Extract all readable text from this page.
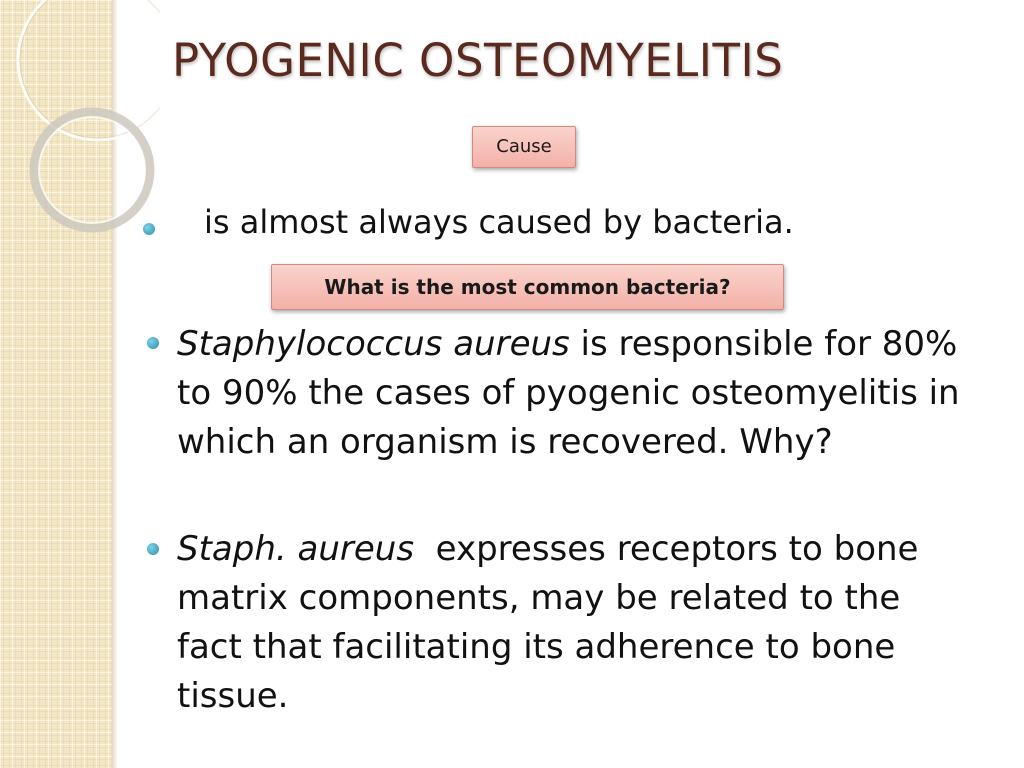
PYOGENIC OSTEOMYELITIS
Cause
is almost always caused by bacteria.
What is the most common bacteria?
Staphylococcus aureus is responsible for 80% to 90% the cases of pyogenic osteomyelitis in which an organism is recovered. Why?
Staph. aureus  expresses receptors to bone matrix components, may be related to the fact that facilitating its adherence to bone tissue.
